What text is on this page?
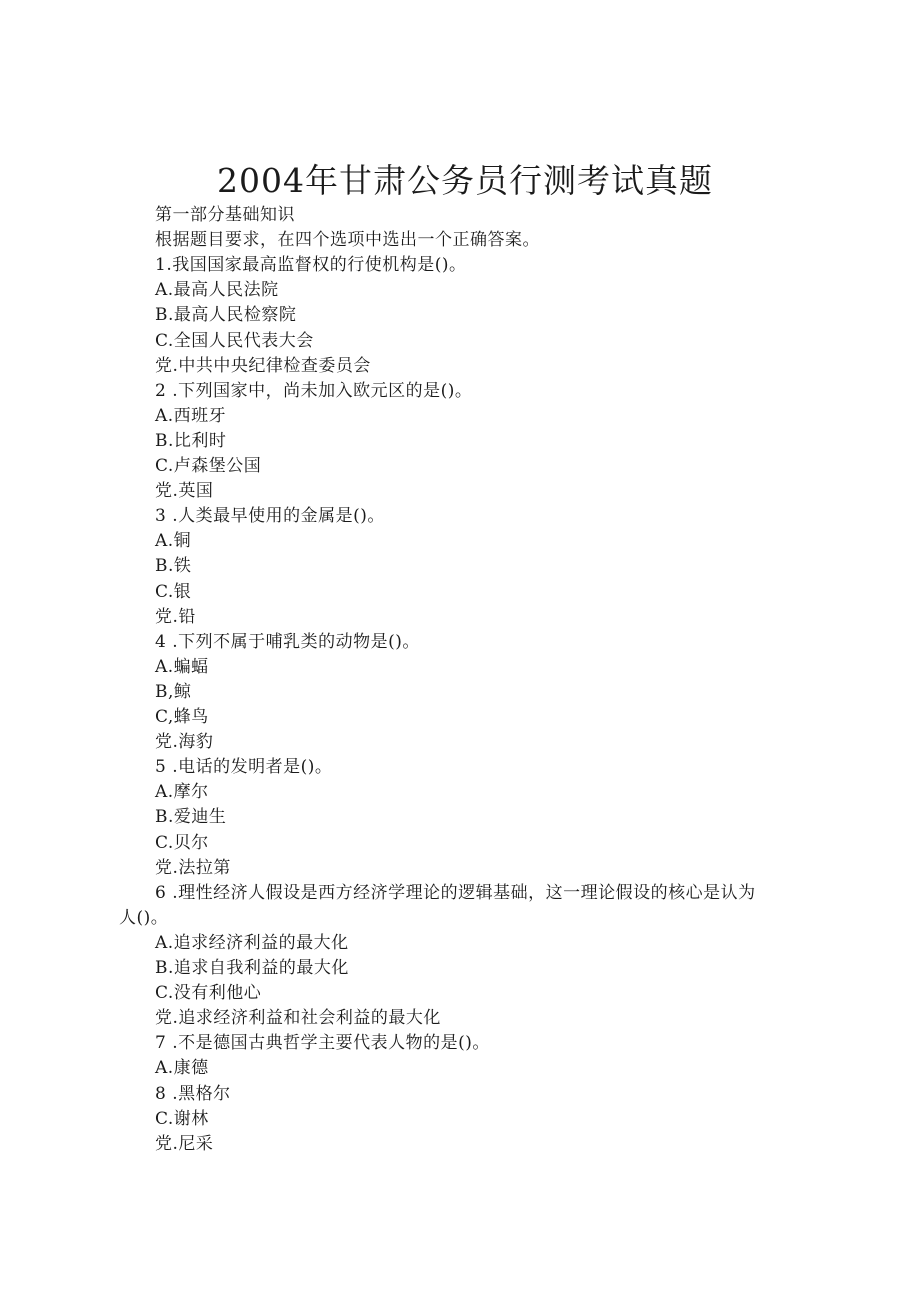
2004年甘肃公务员行测考试真题
第一部分基础知识
根据题目要求，在四个选项中选出一个正确答案。
1.我国国家最高监督权的行使机构是()。
A.最高人民法院
B.最高人民检察院
C.全国人民代表大会
党.中共中央纪律检查委员会
2 .下列国家中，尚未加入欧元区的是()。
A.西班牙
B.比利时
C.卢森堡公国
党.英国
3 .人类最早使用的金属是()。
A.铜
B.铁
C.银
党.铅
4 .下列不属于哺乳类的动物是()。
A.蝙蝠
B,鲸
C,蜂鸟
党.海豹
5 .电话的发明者是()。
A.摩尔
B.爱迪生
C.贝尔
党.法拉第
6 .理性经济人假设是西方经济学理论的逻辑基础，这一理论假设的核心是认为
人()。
A.追求经济利益的最大化
B.追求自我利益的最大化
C.没有利他心
党.追求经济利益和社会利益的最大化
7 .不是德国古典哲学主要代表人物的是()。
A.康德
8 .黑格尔
C.谢林
党.尼采
